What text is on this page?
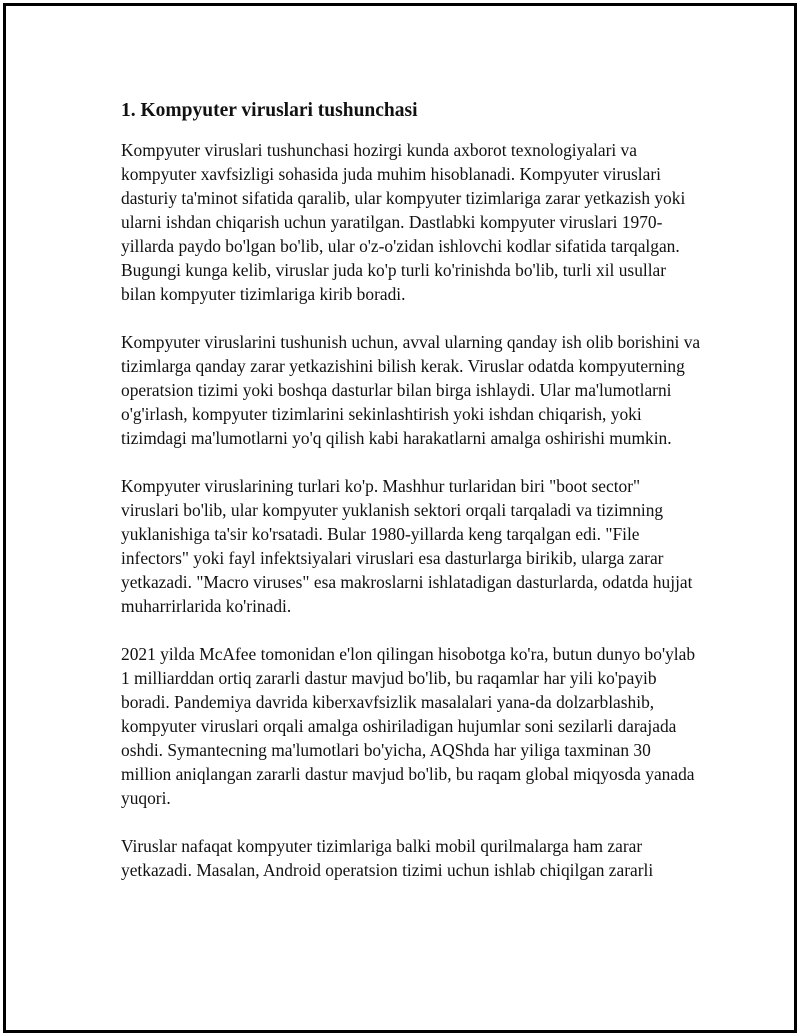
1. Kompyuter viruslari tushunchasi

Kompyuter viruslari tushunchasi hozirgi kunda axborot texnologiyalari va kompyuter xavfsizligi sohasida juda muhim hisoblanadi. Kompyuter viruslari dasturiy ta'minot sifatida qaralib, ular kompyuter tizimlariga zarar yetkazish yoki ularni ishdan chiqarish uchun yaratilgan. Dastlabki kompyuter viruslari 1970-yillarda paydo bo'lgan bo'lib, ular o'z-o'zidan ishlovchi kodlar sifatida tarqalgan. Bugungi kunga kelib, viruslar juda ko'p turli ko'rinishda bo'lib, turli xil usullar bilan kompyuter tizimlariga kirib boradi.

Kompyuter viruslarini tushunish uchun, avval ularning qanday ish olib borishini va tizimlarga qanday zarar yetkazishini bilish kerak. Viruslar odatda kompyuterning operatsion tizimi yoki boshqa dasturlar bilan birga ishlaydi. Ular ma'lumotlarni o'g'irlash, kompyuter tizimlarini sekinlashtirish yoki ishdan chiqarish, yoki tizimdagi ma'lumotlarni yo'q qilish kabi harakatlarni amalga oshirishi mumkin.

Kompyuter viruslarining turlari ko'p. Mashhur turlaridan biri "boot sector" viruslari bo'lib, ular kompyuter yuklanish sektori orqali tarqaladi va tizimning yuklanishiga ta'sir ko'rsatadi. Bular 1980-yillarda keng tarqalgan edi. "File infectors" yoki fayl infektsiyalari viruslari esa dasturlarga birikib, ularga zarar yetkazadi. "Macro viruses" esa makroslarni ishlatadigan dasturlarda, odatda hujjat muharrirlarida ko'rinadi.

2021 yilda McAfee tomonidan e'lon qilingan hisobotga ko'ra, butun dunyo bo'ylab 1 milliarddan ortiq zararli dastur mavjud bo'lib, bu raqamlar har yili ko'payib boradi. Pandemiya davrida kiberxavfsizlik masalalari yana-da dolzarblashib, kompyuter viruslari orqali amalga oshiriladigan hujumlar soni sezilarli darajada oshdi. Symantecning ma'lumotlari bo'yicha, AQShda har yiliga taxminan 30 million aniqlangan zararli dastur mavjud bo'lib, bu raqam global miqyosda yanada yuqori.

Viruslar nafaqat kompyuter tizimlariga balki mobil qurilmalarga ham zarar yetkazadi. Masalan, Android operatsion tizimi uchun ishlab chiqilgan zararli
